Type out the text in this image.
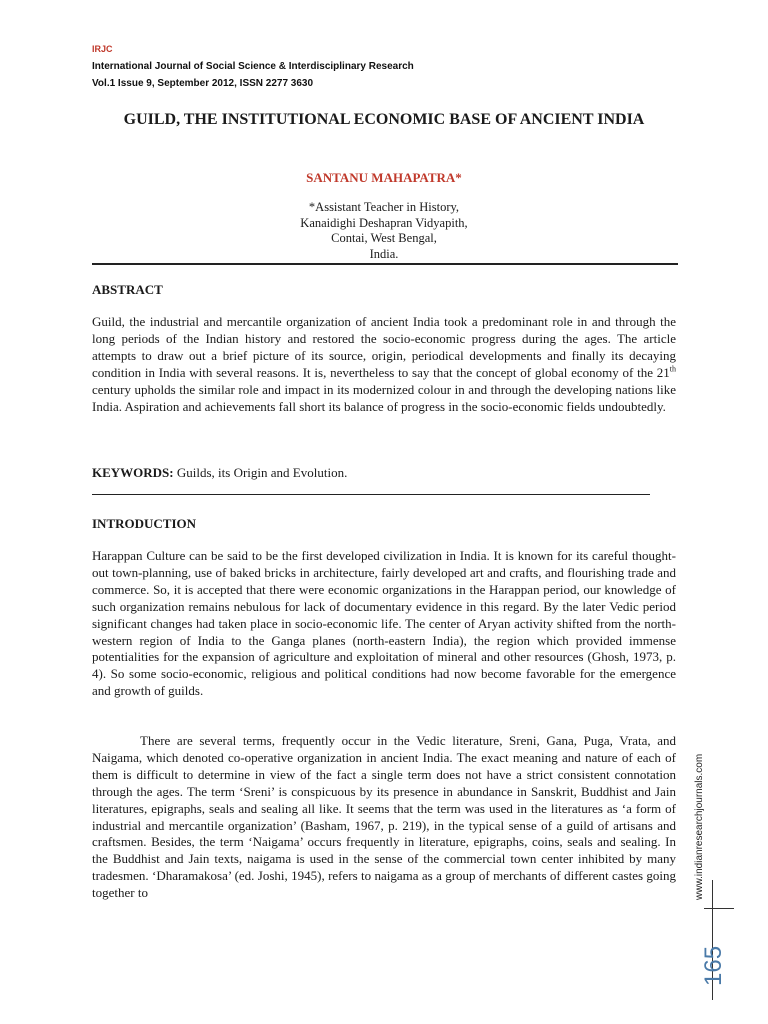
IRJC
International Journal of Social Science & Interdisciplinary Research
Vol.1 Issue 9, September 2012, ISSN 2277 3630
GUILD, THE INSTITUTIONAL ECONOMIC BASE OF ANCIENT INDIA
SANTANU MAHAPATRA*
*Assistant Teacher in History,
Kanaidighi Deshapran Vidyapith,
Contai, West Bengal,
India.
ABSTRACT

Guild, the industrial and mercantile organization of ancient India took a predominant role in and through the long periods of the Indian history and restored the socio-economic progress during the ages. The article attempts to draw out a brief picture of its source, origin, periodical developments and finally its decaying condition in India with several reasons. It is, nevertheless to say that the concept of global economy of the 21th century upholds the similar role and impact in its modernized colour in and through the developing nations like India. Aspiration and achievements fall short its balance of progress in the socio-economic fields undoubtedly.

KEYWORDS: Guilds, its Origin and Evolution.

INTRODUCTION

Harappan Culture can be said to be the first developed civilization in India. It is known for its careful thought-out town-planning, use of baked bricks in architecture, fairly developed art and crafts, and flourishing trade and commerce. So, it is accepted that there were economic organizations in the Harappan period, our knowledge of such organization remains nebulous for lack of documentary evidence in this regard. By the later Vedic period significant changes had taken place in socio-economic life. The center of Aryan activity shifted from the north-western region of India to the Ganga planes (north-eastern India), the region which provided immense potentialities for the expansion of agriculture and exploitation of mineral and other resources (Ghosh, 1973, p. 4). So some socio-economic, religious and political conditions had now become favorable for the emergence and growth of guilds.

There are several terms, frequently occur in the Vedic literature, Sreni, Gana, Puga, Vrata, and Naigama, which denoted co-operative organization in ancient India. The exact meaning and nature of each of them is difficult to determine in view of the fact a single term does not have a strict consistent connotation through the ages. The term ‘Sreni’ is conspicuous by its presence in abundance in Sanskrit, Buddhist and Jain literatures, epigraphs, seals and sealing all like. It seems that the term was used in the literatures as ‘a form of industrial and mercantile organization’ (Basham, 1967, p. 219), in the typical sense of a guild of artisans and craftsmen. Besides, the term ‘Naigama’ occurs frequently in literature, epigraphs, coins, seals and sealing. In the Buddhist and Jain texts, naigama is used in the sense of the commercial town center inhibited by many tradesmen. ‘Dharamakosa’ (ed. Joshi, 1945), refers to naigama as a group of merchants of different castes going together to	www.indianresearchjournals.com
165
